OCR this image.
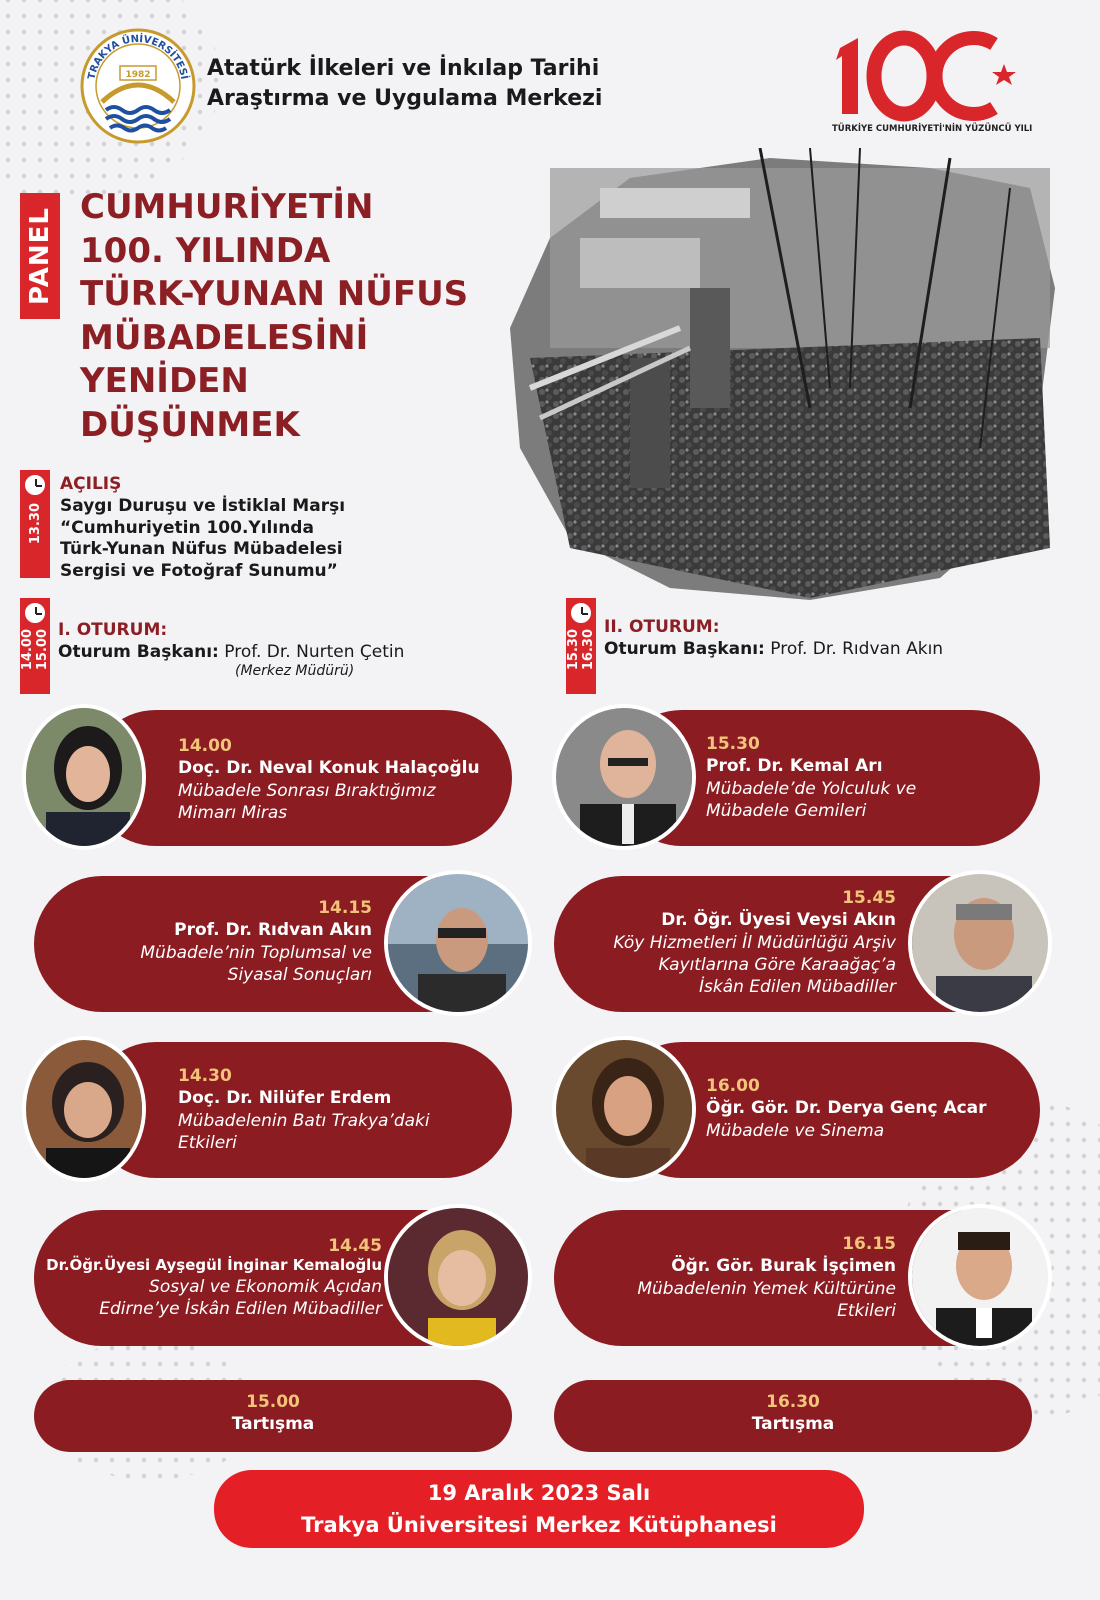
TRAKYA ÜNİVERSİTESİ
1982	Atatürk İlkeleri ve İnkılap Tarihi
Araştırma ve Uygulama Merkezi
TÜRKİYE CUMHURİYETİ'NİN YÜZÜNCÜ YILI
PANEL
CUMHURİYETİN
100. YILINDA
TÜRK-YUNAN NÜFUS
MÜBADELESİNİ
YENİDEN
DÜŞÜNMEK
13.30
AÇILIŞ
Saygı Duruşu ve İstiklal Marşı
“Cumhuriyetin 100.Yılında
Türk-Yunan Nüfus Mübadelesi
Sergisi ve Fotoğraf Sunumu”
14.00 15.00 I. OTURUM:
Oturum Başkanı: Prof. Dr. Nurten Çetin
(Merkez Müdürü)
15.30 16.30
II. OTURUM:
Oturum Başkanı: Prof. Dr. Rıdvan Akın
14.00
Doç. Dr. Neval Konuk Halaçoğlu
Mübadele Sonrası Bıraktığımız
Mimarı Miras
14.15
Prof. Dr. Rıdvan Akın
Mübadele’nin Toplumsal ve
Siyasal Sonuçları
14.30
Doç. Dr. Nilüfer Erdem
Mübadelenin Batı Trakya’daki
Etkileri
14.45
Dr.Öğr.Üyesi Ayşegül İnginar Kemaloğlu
Sosyal ve Ekonomik Açıdan
Edirne’ye İskân Edilen Mübadiller
15.00
Tartışma
15.30
Prof. Dr. Kemal Arı
Mübadele’de Yolculuk ve
Mübadele Gemileri
15.45
Dr. Öğr. Üyesi Veysi Akın
Köy Hizmetleri İl Müdürlüğü Arşiv
Kayıtlarına Göre Karaağaç’a
İskân Edilen Mübadiller
16.00
Öğr. Gör. Dr. Derya Genç Acar
Mübadele ve Sinema
16.15
Öğr. Gör. Burak İşçimen
Mübadelenin Yemek Kültürüne
Etkileri
16.30
Tartışma
19 Aralık 2023 Salı
Trakya Üniversitesi Merkez Kütüphanesi
